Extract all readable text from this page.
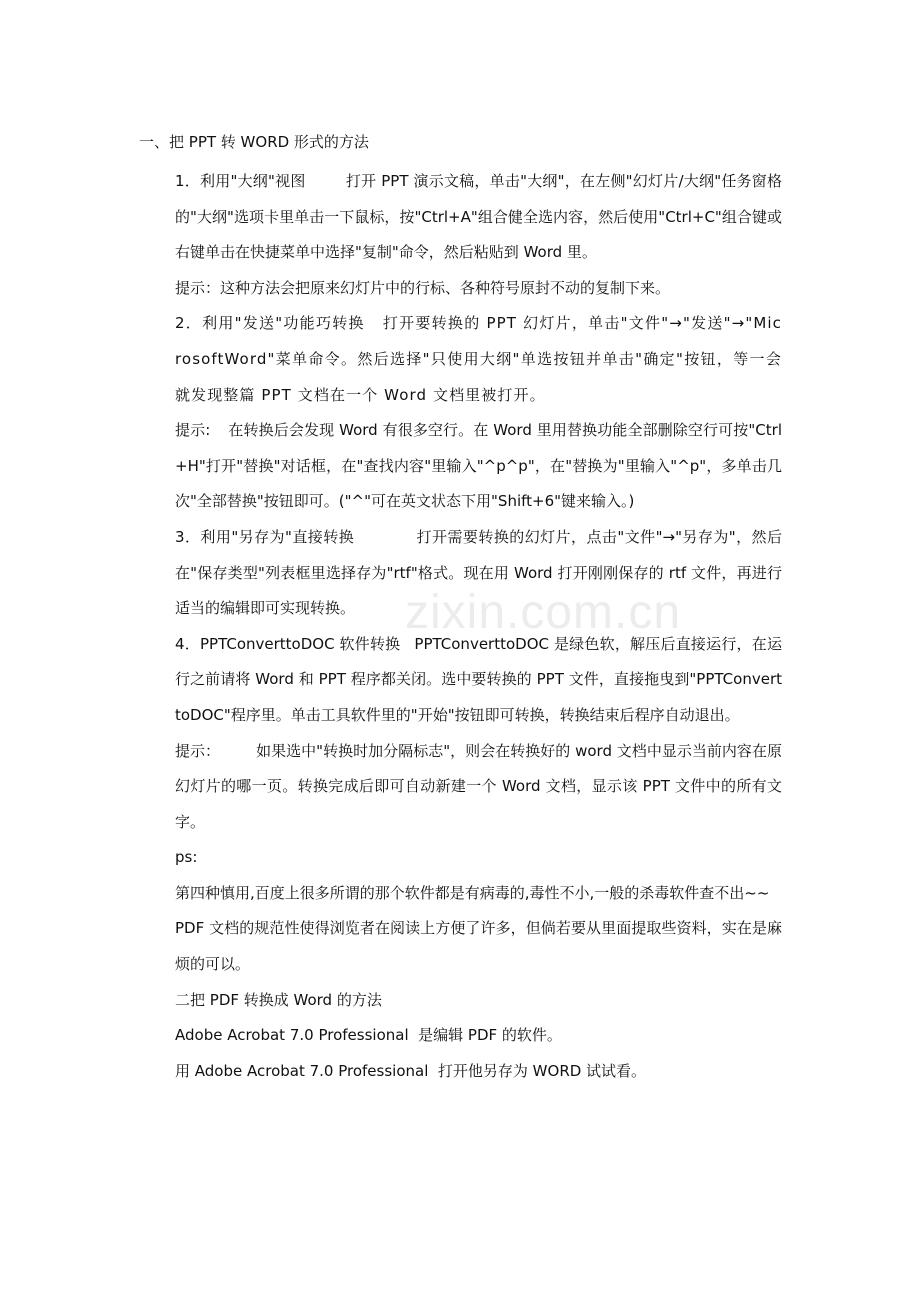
zixin.com.cn
一、把 PPT 转 WORD 形式的方法

1．利用"大纲"视图	打开 PPT 演示文稿，单击"大纲"，在左侧"幻灯片/大纲"任务窗格的"大纲"选项卡里单击一下鼠标，按"Ctrl+A"组合健全选内容，然后使用"Ctrl+C"组合键或右键单击在快捷菜单中选择"复制"命令，然后粘贴到 Word 里。

提示：这种方法会把原来幻灯片中的行标、各种符号原封不动的复制下来。

2．利用"发送"功能巧转换 打开要转换的 PPT 幻灯片，单击"文件"→"发送"→"MicrosoftWord"菜单命令。然后选择"只使用大纲"单选按钮并单击"确定"按钮，等一会就发现整篇 PPT 文档在一个 Word 文档里被打开。

提示: 在转换后会发现 Word 有很多空行。在 Word 里用替换功能全部删除空行可按"Ctrl+H"打开"替换"对话框，在"查找内容"里输入"^p^p"，在"替换为"里输入"^p"，多单击几次"全部替换"按钮即可。("^"可在英文状态下用"Shift+6"键来输入。)

3．利用"另存为"直接转换	打开需要转换的幻灯片，点击"文件"→"另存为"，然后在"保存类型"列表框里选择存为"rtf"格式。现在用 Word 打开刚刚保存的 rtf 文件，再进行适当的编辑即可实现转换。

4．PPTConverttoDOC 软件转换 PPTConverttoDOC 是绿色软，解压后直接运行，在运行之前请将 Word 和 PPT 程序都关闭。选中要转换的 PPT 文件，直接拖曳到"PPTConverttoDOC"程序里。单击工具软件里的"开始"按钮即可转换，转换结束后程序自动退出。

提示： 如果选中"转换时加分隔标志"，则会在转换好的 word 文档中显示当前内容在原幻灯片的哪一页。转换完成后即可自动新建一个 Word 文档，显示该 PPT 文件中的所有文字。

ps:

第四种慎用,百度上很多所谓的那个软件都是有病毒的,毒性不小,一般的杀毒软件查不出~~

PDF 文档的规范性使得浏览者在阅读上方便了许多，但倘若要从里面提取些资料，实在是麻烦的可以。

二把 PDF 转换成 Word 的方法

Adobe Acrobat 7.0 Professional  是编辑 PDF 的软件。

用 Adobe Acrobat 7.0 Professional  打开他另存为 WORD 试试看。
